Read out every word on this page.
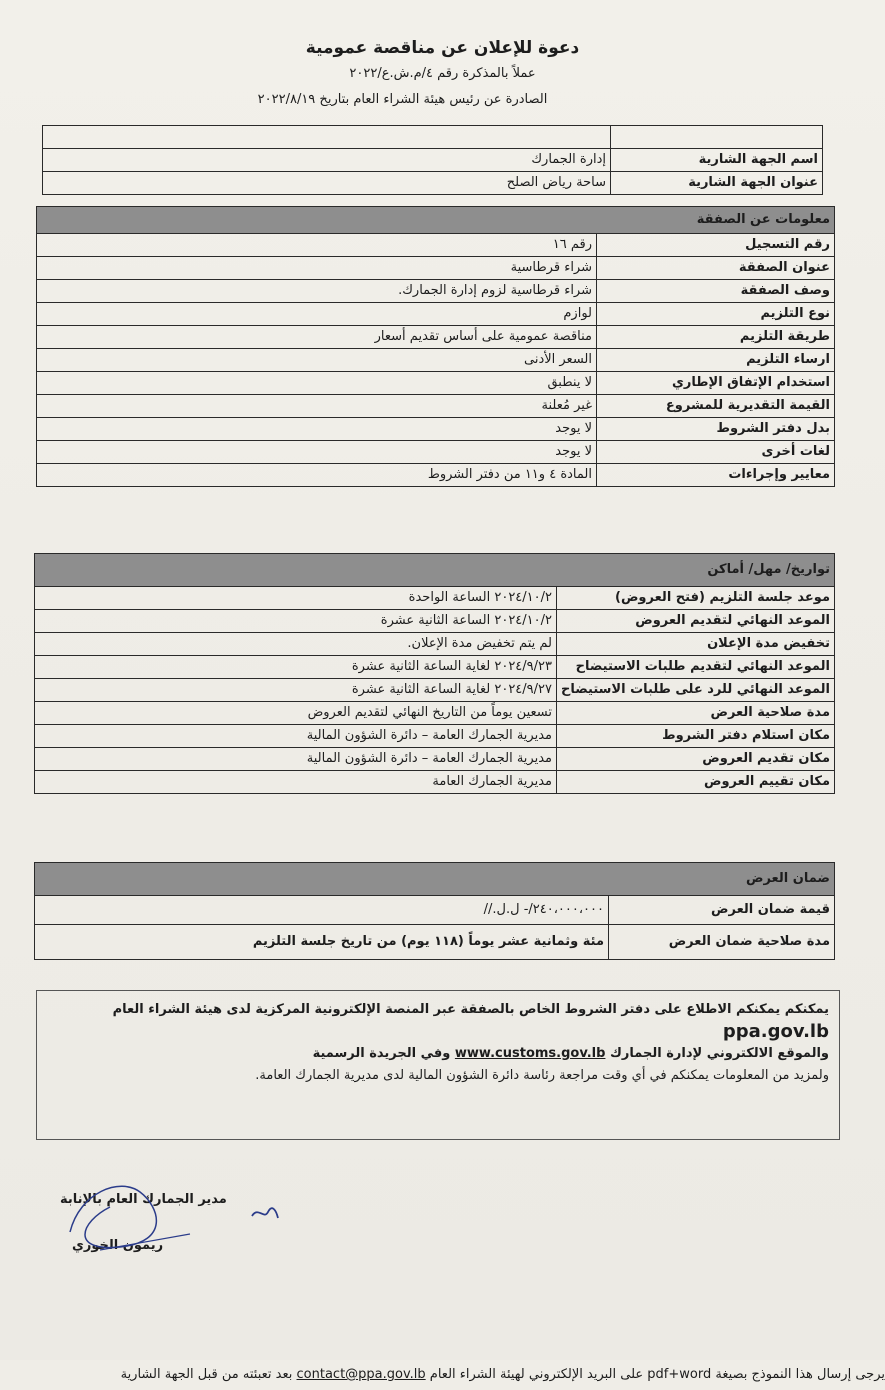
دعوة للإعلان عن مناقصة عمومية
عملاً بالمذكرة رقم ٤/م.ش.ع/٢٠٢٢
الصادرة عن رئيس هيئة الشراء العام بتاريخ ٢٠٢٢/٨/١٩

اسم الجهة الشارية	إدارة الجمارك
عنوان الجهة الشارية	ساحة رياض الصلح
معلومات عن الصفقة	
رقم التسجيل	رقم ١٦
عنوان الصفقة	شراء قرطاسية
وصف الصفقة	شراء قرطاسية لزوم إدارة الجمارك.
نوع التلزيم	لوازم
طريقة التلزيم	مناقصة عمومية على أساس تقديم أسعار
ارساء التلزيم	السعر الأدنى
استخدام الإتفاق الإطاري	لا ينطبق
القيمة التقديرية للمشروع	غير مُعلنة
بدل دفتر الشروط	لا يوجد
لغات أخرى	لا يوجد
معايير وإجراءات	المادة ٤ و١١ من دفتر الشروط
تواريخ/ مهل/ أماكن	
موعد جلسة التلزيم (فتح العروض)	٢٠٢٤/١٠/٢ الساعة الواحدة
الموعد النهائي لتقديم العروض	٢٠٢٤/١٠/٢ الساعة الثانية عشرة
تخفيض مدة الإعلان	لم يتم تخفيض مدة الإعلان.
الموعد النهائي لتقديم طلبات الاستيضاح	٢٠٢٤/٩/٢٣ لغاية الساعة الثانية عشرة
الموعد النهائي للرد على طلبات الاستيضاح	٢٠٢٤/٩/٢٧ لغاية الساعة الثانية عشرة
مدة صلاحية العرض	تسعين يوماً من التاريخ النهائي لتقديم العروض
مكان استلام دفتر الشروط	مديرية الجمارك العامة – دائرة الشؤون المالية
مكان تقديم العروض	مديرية الجمارك العامة – دائرة الشؤون المالية
مكان تقييم العروض	مديرية الجمارك العامة
ضمان العرض	
قيمة ضمان العرض	٢٤٠،٠٠٠،٠٠٠/- ل.ل.//
مدة صلاحية ضمان العرض	مئة وثمانية عشر يوماً (١١٨ يوم) من تاريخ جلسة التلزيم
يمكنكم يمكنكم الاطلاع على دفتر الشروط الخاص بالصفقة عبر المنصة الإلكترونية المركزية لدى هيئة الشراء العام
ppa.gov.lb
والموقع الالكتروني لإدارة الجمارك www.customs.gov.lb وفي الجريدة الرسمية
ولمزيد من المعلومات يمكنكم في أي وقت مراجعة رئاسة دائرة الشؤون المالية لدى مديرية الجمارك العامة.
مدير الجمارك العام بالإنابة
ريمون الخوري
يرجى إرسال هذا النموذج بصيغة pdf+word على البريد الإلكتروني لهيئة الشراء العام contact@ppa.gov.lb بعد تعبئته من قبل الجهة الشارية
